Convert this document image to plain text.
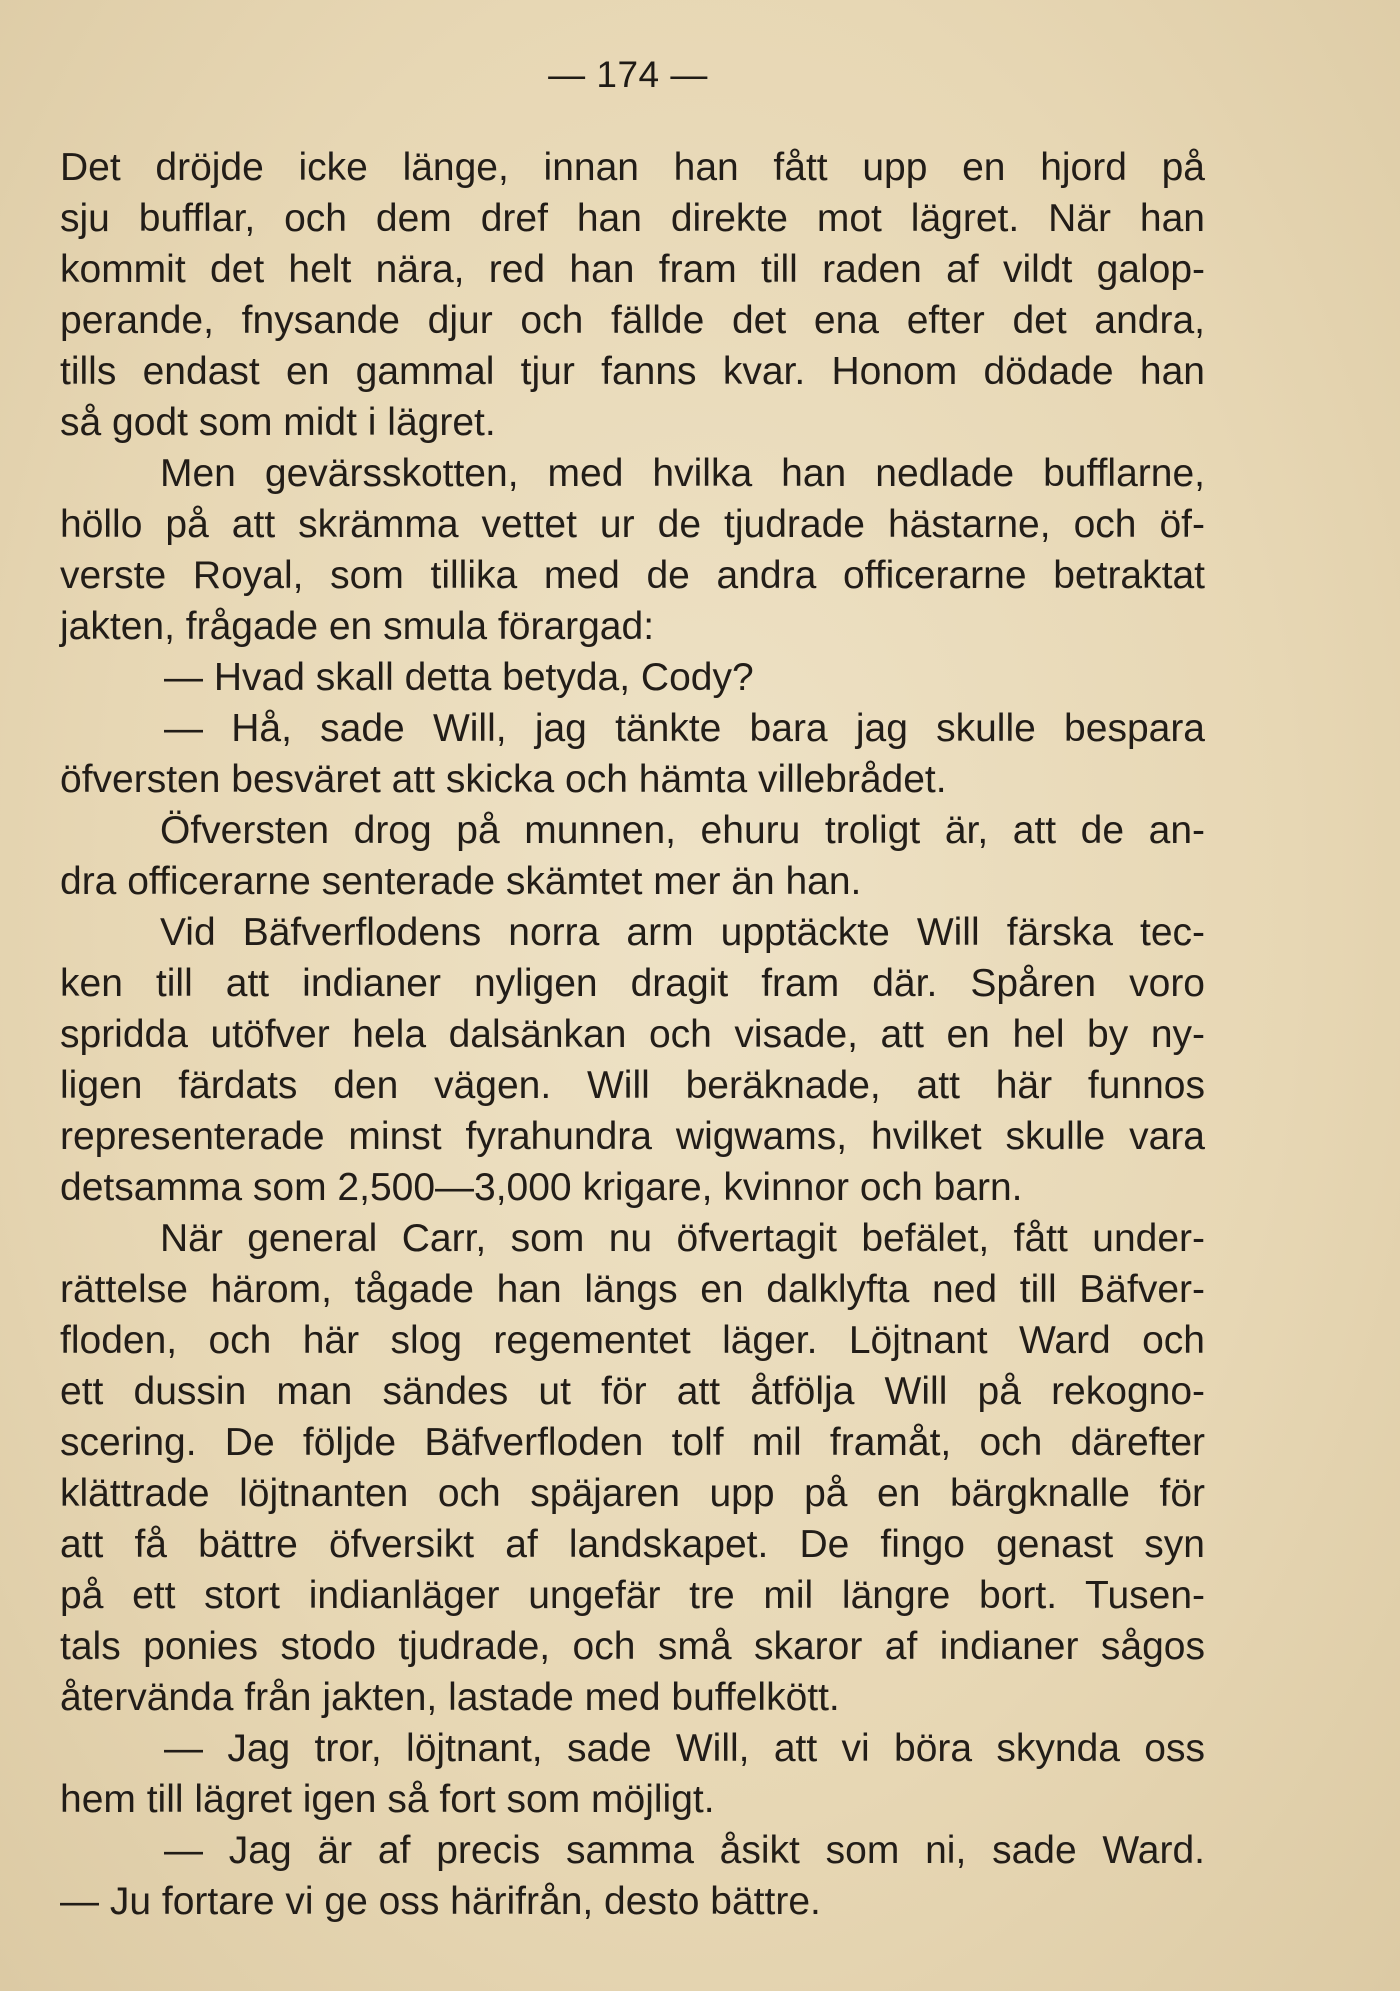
— 174 —
Det dröjde icke länge, innan han fått upp en hjord på
sju bufflar, och dem dref han direkte mot lägret. När han
kommit det helt nära, red han fram till raden af vildt galop-
perande, fnysande djur och fällde det ena efter det andra,
tills endast en gammal tjur fanns kvar. Honom dödade han
så godt som midt i lägret.
Men gevärsskotten, med hvilka han nedlade bufflarne,
höllo på att skrämma vettet ur de tjudrade hästarne, och öf-
verste Royal, som tillika med de andra officerarne betraktat
jakten, frågade en smula förargad:
— Hvad skall detta betyda, Cody?
— Hå, sade Will, jag tänkte bara jag skulle bespara
öfversten besväret att skicka och hämta villebrådet.
Öfversten drog på munnen, ehuru troligt är, att de an-
dra officerarne senterade skämtet mer än han.
Vid Bäfverflodens norra arm upptäckte Will färska tec-
ken till att indianer nyligen dragit fram där. Spåren voro
spridda utöfver hela dalsänkan och visade, att en hel by ny-
ligen färdats den vägen. Will beräknade, att här funnos
representerade minst fyrahundra wigwams, hvilket skulle vara
detsamma som 2,500—3,000 krigare, kvinnor och barn.
När general Carr, som nu öfvertagit befälet, fått under-
rättelse härom, tågade han längs en dalklyfta ned till Bäfver-
floden, och här slog regementet läger. Löjtnant Ward och
ett dussin man sändes ut för att åtfölja Will på rekogno-
scering. De följde Bäfverfloden tolf mil framåt, och därefter
klättrade löjtnanten och späjaren upp på en bärgknalle för
att få bättre öfversikt af landskapet. De fingo genast syn
på ett stort indianläger ungefär tre mil längre bort. Tusen-
tals ponies stodo tjudrade, och små skaror af indianer sågos
återvända från jakten, lastade med buffelkött.
— Jag tror, löjtnant, sade Will, att vi böra skynda oss
hem till lägret igen så fort som möjligt.
— Jag är af precis samma åsikt som ni, sade Ward.
— Ju fortare vi ge oss härifrån, desto bättre.
